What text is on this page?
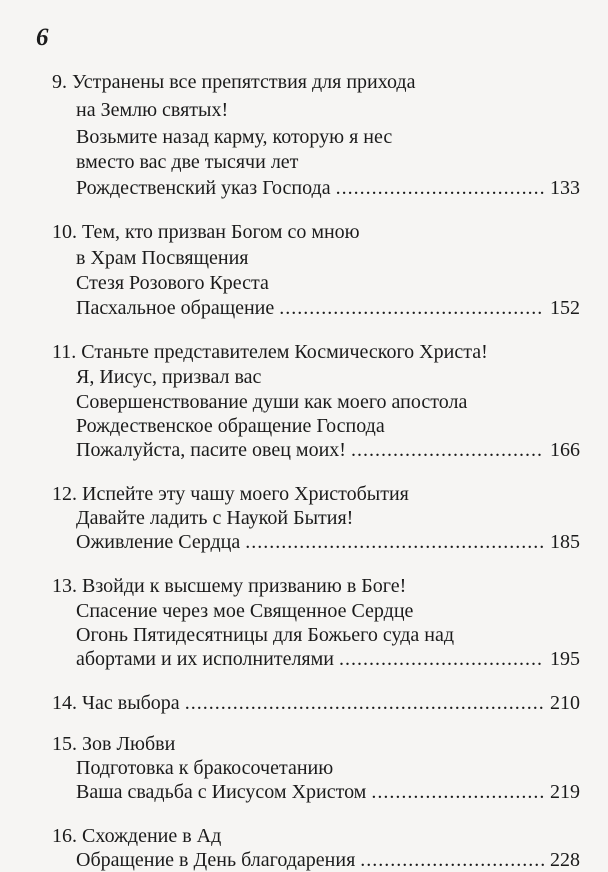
6
9. Устранены все препятствия для прихода
на Землю святых!
Возьмите назад карму, которую я нес
вместо вас две тысячи лет
Рождественский указ Господа .....	133
10. Тем, кто призван Богом со мною
в Храм Посвящения
Стезя Розового Креста
Пасхальное обращение .....	152
11. Станьте представителем Космического Христа!
Я, Иисус, призвал вас
Совершенствование души как моего апостола
Рождественское обращение Господа
Пожалуйста, пасите овец моих! .....	166
12. Испейте эту чашу моего Христобытия
Давайте ладить с Наукой Бытия!
Оживление Сердца .....	185
13. Взойди к высшему призванию в Боге!
Спасение через мое Священное Сердце
Огонь Пятидесятницы для Божьего суда над
абортами и их исполнителями .....	195
14. Час выбора .....	210
15. Зов Любви
Подготовка к бракосочетанию
Ваша свадьба с Иисусом Христом .....	219
16. Схождение в Ад
Обращение в День благодарения .....	228
